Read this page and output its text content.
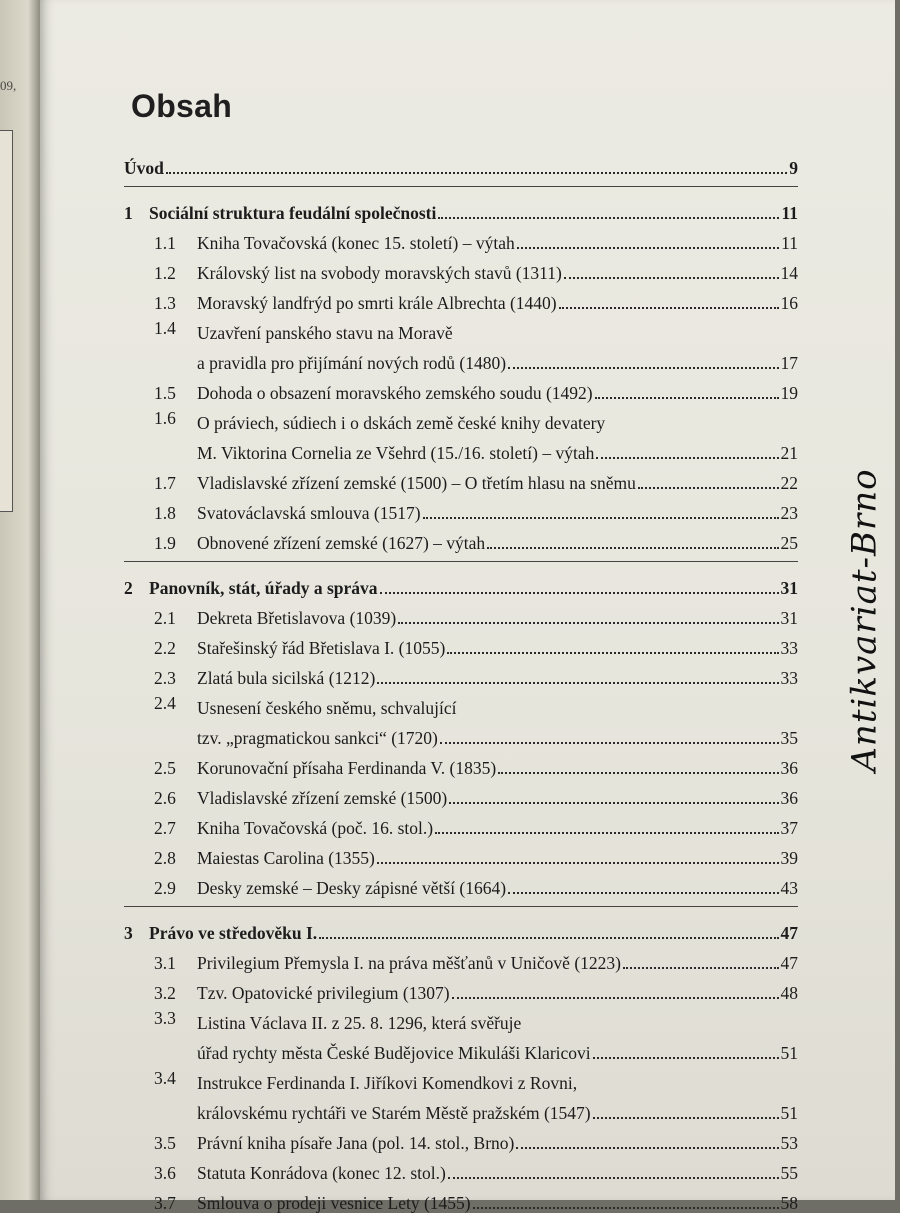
09,
Obsah
Úvod	9
1 Sociální struktura feudální společnosti	11
1.1	Kniha Tovačovská (konec 15. století) – výtah	11
1.2	Královský list na svobody moravských stavů (1311)	14
1.3	Moravský landfrýd po smrti krále Albrechta (1440)	16
1.4	Uzavření panského stavu na Moravě
a pravidla pro přijímání nových rodů (1480)	17
1.5	Dohoda o obsazení moravského zemského soudu (1492)	19
1.6	O práviech, súdiech i o dskách země české knihy devatery
M. Viktorina Cornelia ze Všehrd (15./16. století) – výtah	21
1.7	Vladislavské zřízení zemské (1500) – O třetím hlasu na sněmu	22
1.8	Svatováclavská smlouva (1517)	23
1.9	Obnovené zřízení zemské (1627) – výtah	25
2 Panovník, stát, úřady a správa	31
2.1	Dekreta Břetislavova (1039)	31
2.2	Stařešinský řád Břetislava I. (1055)	33
2.3	Zlatá bula sicilská (1212)	33
2.4	Usnesení českého sněmu, schvalující
tzv. „pragmatickou sankci“ (1720)	35
2.5	Korunovační přísaha Ferdinanda V. (1835)	36
2.6	Vladislavské zřízení zemské (1500)	36
2.7	Kniha Tovačovská (poč. 16. stol.)	37
2.8	Maiestas Carolina (1355)	39
2.9	Desky zemské – Desky zápisné větší (1664)	43
3 Právo ve středověku I.	47
3.1	Privilegium Přemysla I. na práva měšťanů v Uničově (1223)	47
3.2	Tzv. Opatovické privilegium (1307)	48
3.3	Listina Václava II. z 25. 8. 1296, která svěřuje
úřad rychty města České Budějovice Mikuláši Klaricovi	51
3.4	Instrukce Ferdinanda I. Jiříkovi Komendkovi z Rovni,
královskému rychtáři ve Starém Městě pražském (1547)	51
3.5	Právní kniha písaře Jana (pol. 14. stol., Brno)	53
3.6	Statuta Konrádova (konec 12. stol.)	55
3.7	Smlouva o prodeji vesnice Lety (1455)	58
Antikvariat-Brno
